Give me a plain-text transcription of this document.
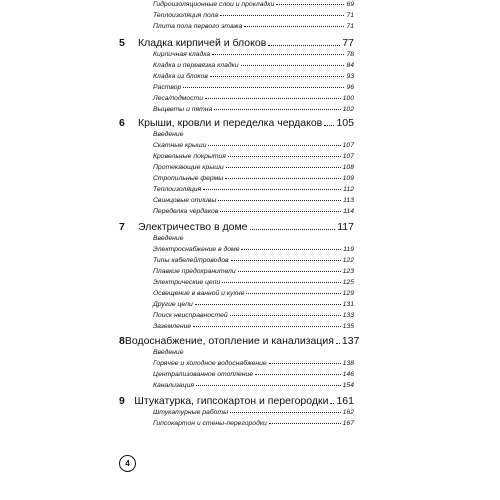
Гидроизоляционные слои и прокладки	69
Теплоизоляция пола	71
Плита пола первого этажа	71
5	Кладка кирпичей и блоков	77
Кирпичная кладка	78
Кладка и перевязка кладки	84
Кладка из блоков	93
Раствор	96
Леса/подмости	100
Выцветы и пятна	102
6	Крыши, кровли и переделка чердаков 105
Введение
Скатные крыши	107
Кровельные покрытия	107
Протекающие крыши	108
Стропильные фермы	109
Теплоизоляция	112
Свинцовые отливы	113
Переделка чердаков	114
7	Электричество в доме	117
Введение
Электроснабжение в доме	119
Типы кабелей/проводов	122
Плавкие предохранители	123
Электрические цепи	125
Освещение в ванной и кухне	129
Другие цепи	131
Поиск неисправностей	133
Заземление	135
8 Водоснабжение, отопление и канализация 137
Введение
Горячее и холодное водоснабжение	138
Централизованное отопление	146
Канализация	154
9 Штукатурка, гипсокартон и перегородки 161
Штукатурные работы	162
Гипсокартон и стены-перегородки	167
4
